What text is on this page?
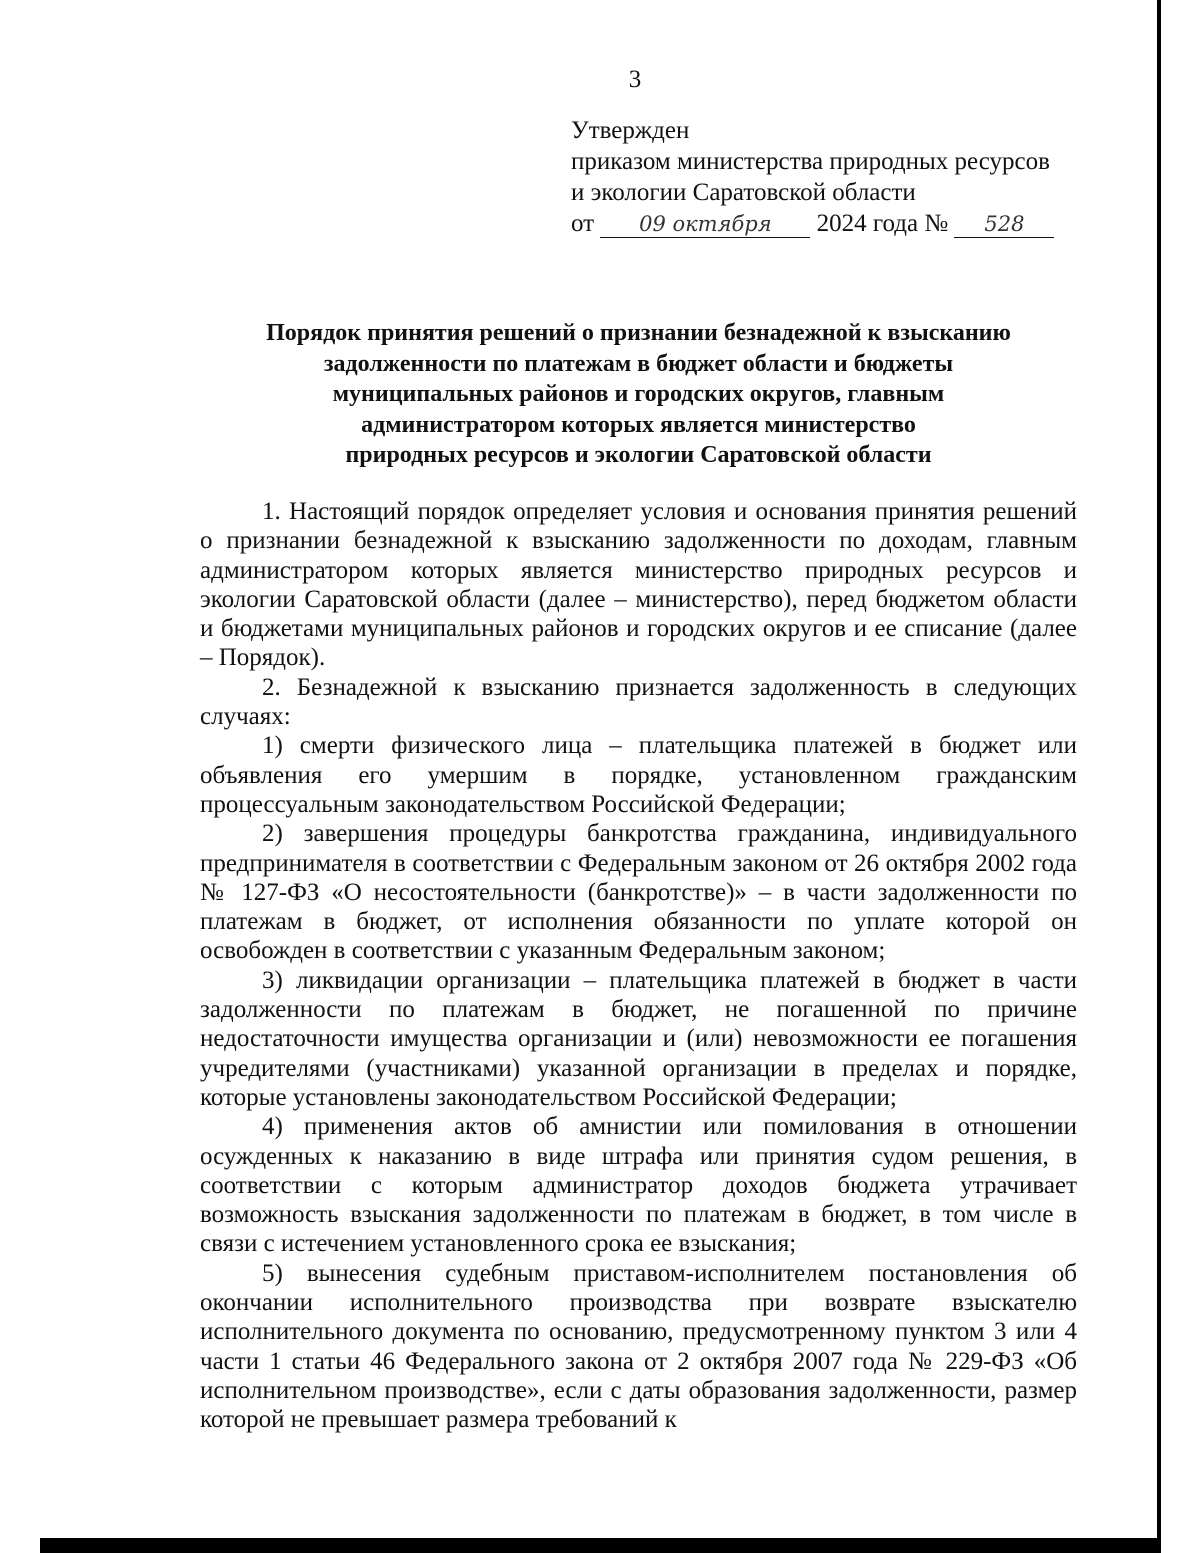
3
Утвержден
приказом министерства природных ресурсов
и экологии Саратовской области
от 09 октября 2024 года № 528
Порядок принятия решений о признании безнадежной к взысканию
задолженности по платежам в бюджет области и бюджеты
муниципальных районов и городских округов, главным
администратором которых является министерство
природных ресурсов и экологии Саратовской области

1. Настоящий порядок определяет условия и основания принятия решений о признании безнадежной к взысканию задолженности по доходам, главным администратором которых является министерство природных ресурсов и экологии Саратовской области (далее – министерство), перед бюджетом области и бюджетами муниципальных районов и городских округов и ее списание (далее – Порядок).

2. Безнадежной к взысканию признается задолженность в следующих случаях:

1) смерти физического лица – плательщика платежей в бюджет или объявления его умершим в порядке, установленном гражданским процессуальным законодательством Российской Федерации;

2) завершения процедуры банкротства гражданина, индивидуального предпринимателя в соответствии с Федеральным законом от 26 октября 2002 года № 127-ФЗ «О несостоятельности (банкротстве)» – в части задолженности по платежам в бюджет, от исполнения обязанности по уплате которой он освобожден в соответствии с указанным Федеральным законом;

3) ликвидации организации – плательщика платежей в бюджет в части задолженности по платежам в бюджет, не погашенной по причине недостаточности имущества организации и (или) невозможности ее погашения учредителями (участниками) указанной организации в пределах и порядке, которые установлены законодательством Российской Федерации;

4) применения актов об амнистии или помилования в отношении осужденных к наказанию в виде штрафа или принятия судом решения, в соответствии с которым администратор доходов бюджета утрачивает возможность взыскания задолженности по платежам в бюджет, в том числе в связи с истечением установленного срока ее взыскания;

5) вынесения судебным приставом-исполнителем постановления об окончании исполнительного производства при возврате взыскателю исполнительного документа по основанию, предусмотренному пунктом 3 или 4 части 1 статьи 46 Федерального закона от 2 октября 2007 года № 229-ФЗ «Об исполнительном производстве», если с даты образования задолженности, размер которой не превышает размера требований к
